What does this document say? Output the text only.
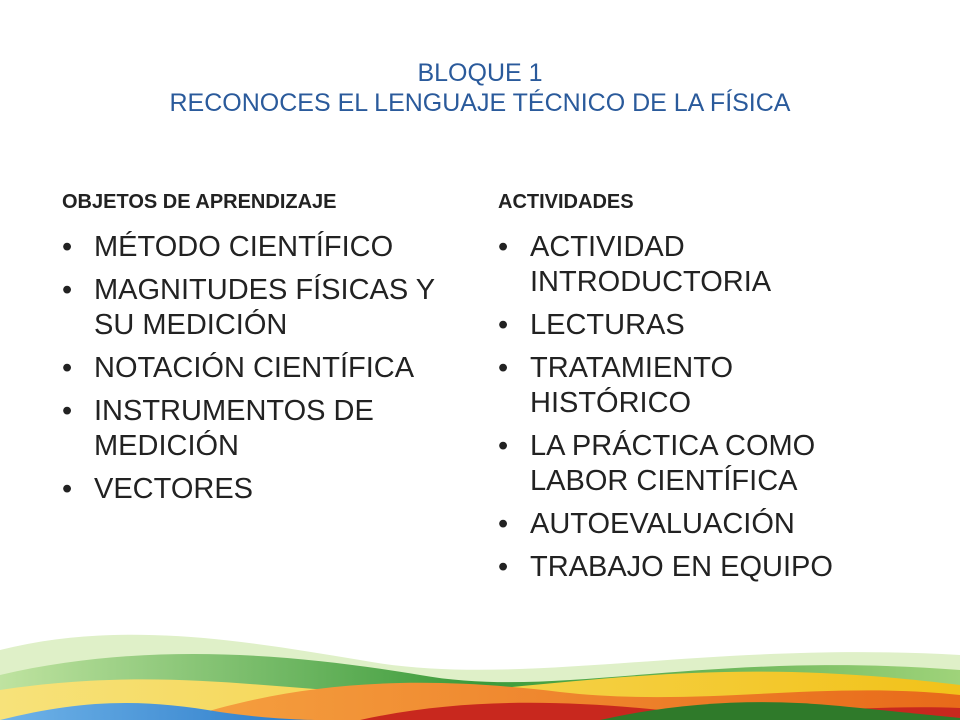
BLOQUE 1
RECONOCES EL LENGUAJE TÉCNICO DE LA FÍSICA
OBJETOS DE APRENDIZAJE
• MÉTODO CIENTÍFICO
• MAGNITUDES FÍSICAS Y SU MEDICIÓN
• NOTACIÓN CIENTÍFICA
• INSTRUMENTOS DE MEDICIÓN
• VECTORES
ACTIVIDADES
• ACTIVIDAD INTRODUCTORIA
• LECTURAS
• TRATAMIENTO HISTÓRICO
• LA PRÁCTICA COMO LABOR CIENTÍFICA
• AUTOEVALUACIÓN
• TRABAJO EN EQUIPO
